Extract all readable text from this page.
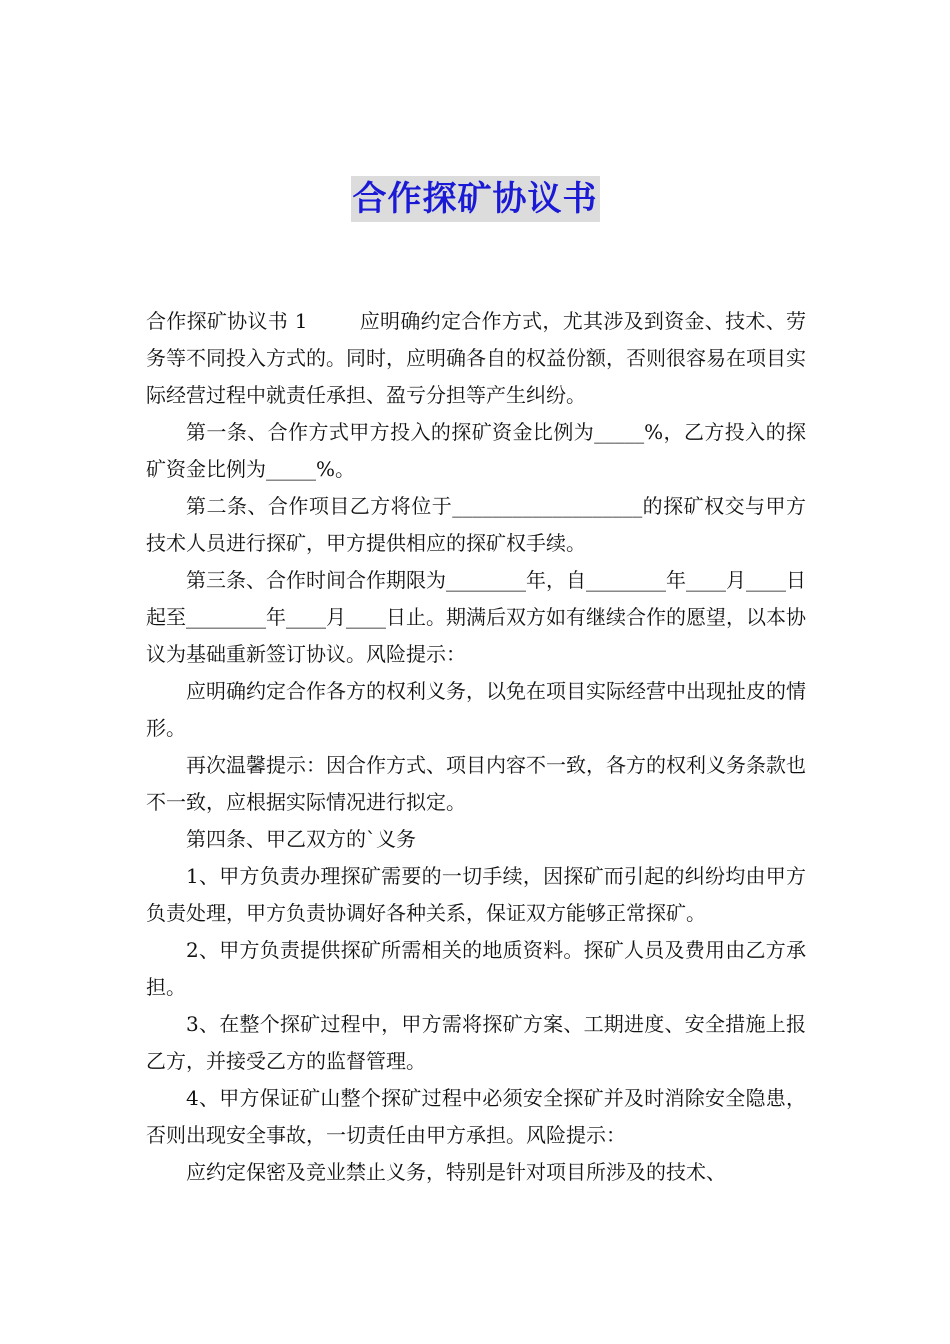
合作探矿协议书

合作探矿协议书 1	应明确约定合作方式，尤其涉及到资金、技术、劳务等不同投入方式的。同时，应明确各自的权益份额，否则很容易在项目实际经营过程中就责任承担、盈亏分担等产生纠纷。

第一条、合作方式甲方投入的探矿资金比例为_____%，乙方投入的探矿资金比例为_____%。

第二条、合作项目乙方将位于___________________的探矿权交与甲方技术人员进行探矿，甲方提供相应的探矿权手续。

第三条、合作时间合作期限为________年，自________年____月____日起至________年____月____日止。期满后双方如有继续合作的愿望，以本协议为基础重新签订协议。风险提示：

应明确约定合作各方的权利义务，以免在项目实际经营中出现扯皮的情形。

再次温馨提示：因合作方式、项目内容不一致，各方的权利义务条款也不一致，应根据实际情况进行拟定。

第四条、甲乙双方的`义务

1、甲方负责办理探矿需要的一切手续，因探矿而引起的纠纷均由甲方负责处理，甲方负责协调好各种关系，保证双方能够正常探矿。

2、甲方负责提供探矿所需相关的地质资料。探矿人员及费用由乙方承担。

3、在整个探矿过程中，甲方需将探矿方案、工期进度、安全措施上报乙方，并接受乙方的监督管理。

4、甲方保证矿山整个探矿过程中必须安全探矿并及时消除安全隐患，否则出现安全事故，一切责任由甲方承担。风险提示：

应约定保密及竞业禁止义务，特别是针对项目所涉及的技术、
